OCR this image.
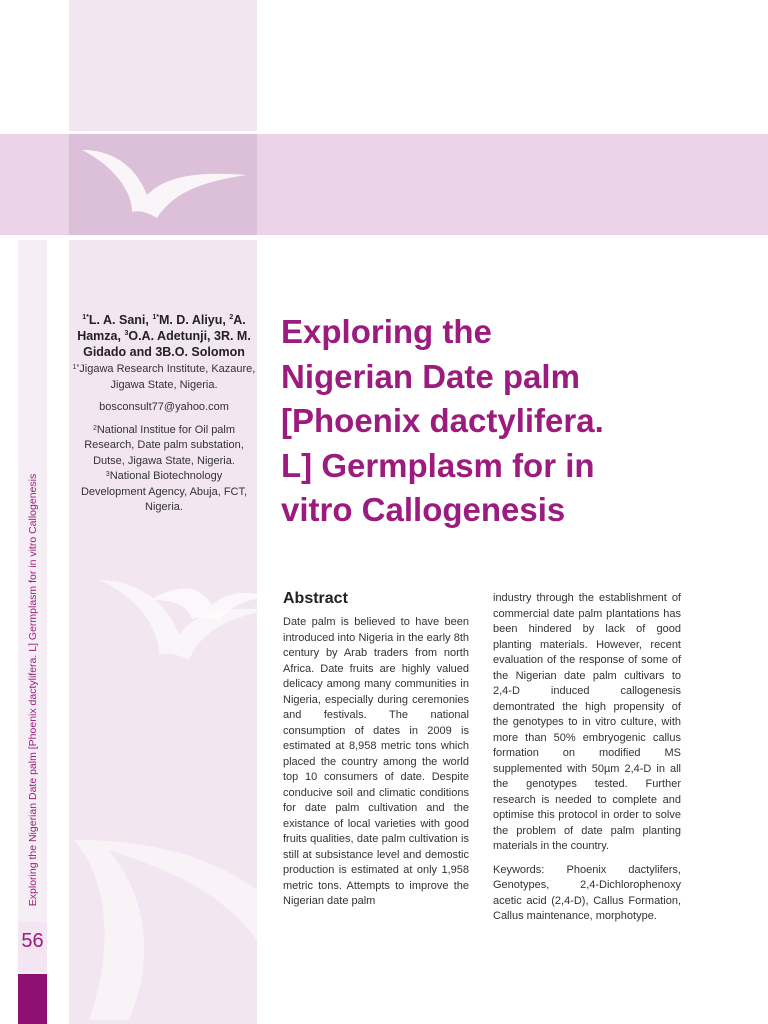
Exploring the Nigerian Date palm [Phoenix dactylifera. L] Germplasm for in vitro Callogenesis
56
$^{1*}$L. A. Sani, $^{1*}$M. D. Aliyu, $^2$A.
Hamza, $^3$O.A. Adetunji, 3R. M.
Gidado and 3B.O. Solomon

$^{1*}$Jigawa Research Institute, Kazaure, Jigawa State, Nigeria.

bosconsult77@yahoo.com

$^2$National Institue for Oil palm Research, Date palm substation, Dutse, Jigawa State, Nigeria.

$^3$National Biotechnology Development Agency, Abuja, FCT, Nigeria.

Exploring the
Nigerian Date palm
[Phoenix dactylifera.
L] Germplasm for in
vitro Callogenesis
Abstract

Date palm is believed to have been introduced into Nigeria in the early 8th century by Arab traders from north Africa. Date fruits are highly valued delicacy among many communities in Nigeria, especially during ceremonies and festivals. The national consumption of dates in 2009 is estimated at 8,958 metric tons which placed the country among the world top 10 consumers of date. Despite conducive soil and climatic conditions for date palm cultivation and the existance of local varieties with good fruits qualities, date palm cultivation is still at subsistance level and demostic production is estimated at only 1,958 metric tons. Attempts to improve the Nigerian date palm

industry through the establishment of commercial date palm plantations has been hindered by lack of good planting materials. However, recent evaluation of the response of some of the Nigerian date palm cultivars to 2,4-D induced callogenesis demontrated the high propensity of the genotypes to in vitro culture, with more than 50% embryogenic callus formation on modified MS supplemented with 50µm 2,4-D in all the genotypes tested. Further research is needed to complete and optimise this protocol in order to solve the problem of date palm planting materials in the country.

Keywords: Phoenix dactylifers, Genotypes, 2,4-Dichlorophenoxy acetic acid (2,4-D), Callus Formation, Callus maintenance, morphotype.
